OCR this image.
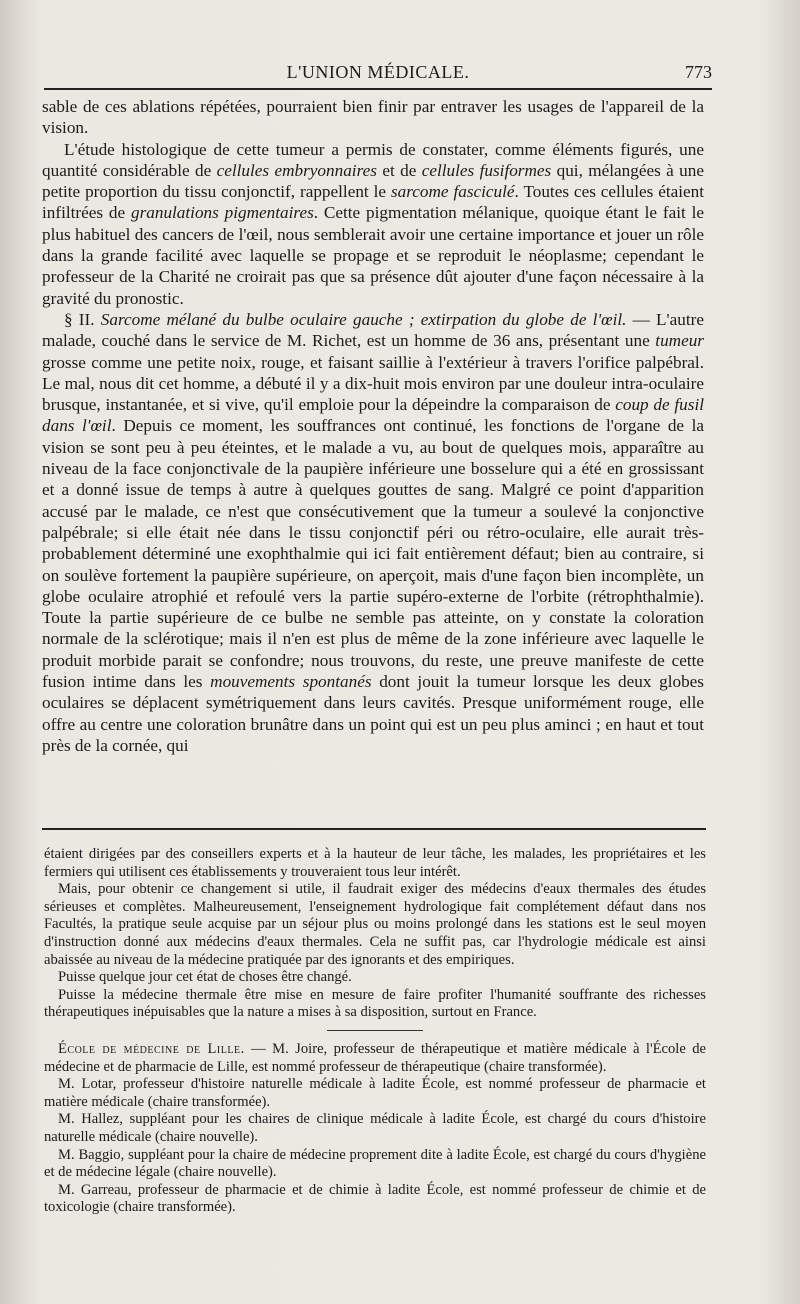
L'UNION MÉDICALE.	773

sable de ces ablations répétées, pourraient bien finir par entraver les usages de l'appareil de la vision.

L'étude histologique de cette tumeur a permis de constater, comme éléments figurés, une quantité considérable de cellules embryonnaires et de cellules fusiformes qui, mélangées à une petite proportion du tissu conjonctif, rappellent le sarcome fasciculé. Toutes ces cellules étaient infiltrées de granulations pigmentaires. Cette pigmentation mélanique, quoique étant le fait le plus habituel des cancers de l'œil, nous semblerait avoir une certaine importance et jouer un rôle dans la grande facilité avec laquelle se propage et se reproduit le néoplasme; cependant le professeur de la Charité ne croirait pas que sa présence dût ajouter d'une façon nécessaire à la gravité du pronostic.

§ II. Sarcome mélané du bulbe oculaire gauche ; extirpation du globe de l'œil. — L'autre malade, couché dans le service de M. Richet, est un homme de 36 ans, présentant une tumeur grosse comme une petite noix, rouge, et faisant saillie à l'extérieur à travers l'orifice palpébral. Le mal, nous dit cet homme, a débuté il y a dix-huit mois environ par une douleur intra-oculaire brusque, instantanée, et si vive, qu'il emploie pour la dépeindre la comparaison de coup de fusil dans l'œil. Depuis ce moment, les souffrances ont continué, les fonctions de l'organe de la vision se sont peu à peu éteintes, et le malade a vu, au bout de quelques mois, apparaître au niveau de la face conjonctivale de la paupière inférieure une bosselure qui a été en grossissant et a donné issue de temps à autre à quelques gouttes de sang. Malgré ce point d'apparition accusé par le malade, ce n'est que consécutivement que la tumeur a soulevé la conjonctive palpébrale; si elle était née dans le tissu conjonctif péri ou rétro-oculaire, elle aurait très-probablement déterminé une exophthalmie qui ici fait entièrement défaut; bien au contraire, si on soulève fortement la paupière supérieure, on aperçoit, mais d'une façon bien incomplète, un globe oculaire atrophié et refoulé vers la partie supéro-externe de l'orbite (rétrophthalmie). Toute la partie supérieure de ce bulbe ne semble pas atteinte, on y constate la coloration normale de la sclérotique; mais il n'en est plus de même de la zone inférieure avec laquelle le produit morbide parait se confondre; nous trouvons, du reste, une preuve manifeste de cette fusion intime dans les mouvements spontanés dont jouit la tumeur lorsque les deux globes oculaires se déplacent symétriquement dans leurs cavités. Presque uniformément rouge, elle offre au centre une coloration brunâtre dans un point qui est un peu plus aminci ; en haut et tout près de la cornée, qui

étaient dirigées par des conseillers experts et à la hauteur de leur tâche, les malades, les propriétaires et les fermiers qui utilisent ces établissements y trouveraient tous leur intérêt.

Mais, pour obtenir ce changement si utile, il faudrait exiger des médecins d'eaux thermales des études sérieuses et complètes. Malheureusement, l'enseignement hydrologique fait complétement défaut dans nos Facultés, la pratique seule acquise par un séjour plus ou moins prolongé dans les stations est le seul moyen d'instruction donné aux médecins d'eaux thermales. Cela ne suffit pas, car l'hydrologie médicale est ainsi abaissée au niveau de la médecine pratiquée par des ignorants et des empiriques.

Puisse quelque jour cet état de choses être changé.

Puisse la médecine thermale être mise en mesure de faire profiter l'humanité souffrante des richesses thérapeutiques inépuisables que la nature a mises à sa disposition, surtout en France.

École de médecine de Lille. — M. Joire, professeur de thérapeutique et matière médicale à l'École de médecine et de pharmacie de Lille, est nommé professeur de thérapeutique (chaire transformée).

M. Lotar, professeur d'histoire naturelle médicale à ladite École, est nommé professeur de pharmacie et matière médicale (chaire transformée).

M. Hallez, suppléant pour les chaires de clinique médicale à ladite École, est chargé du cours d'histoire naturelle médicale (chaire nouvelle).

M. Baggio, suppléant pour la chaire de médecine proprement dite à ladite École, est chargé du cours d'hygiène et de médecine légale (chaire nouvelle).

M. Garreau, professeur de pharmacie et de chimie à ladite École, est nommé professeur de chimie et de toxicologie (chaire transformée).
